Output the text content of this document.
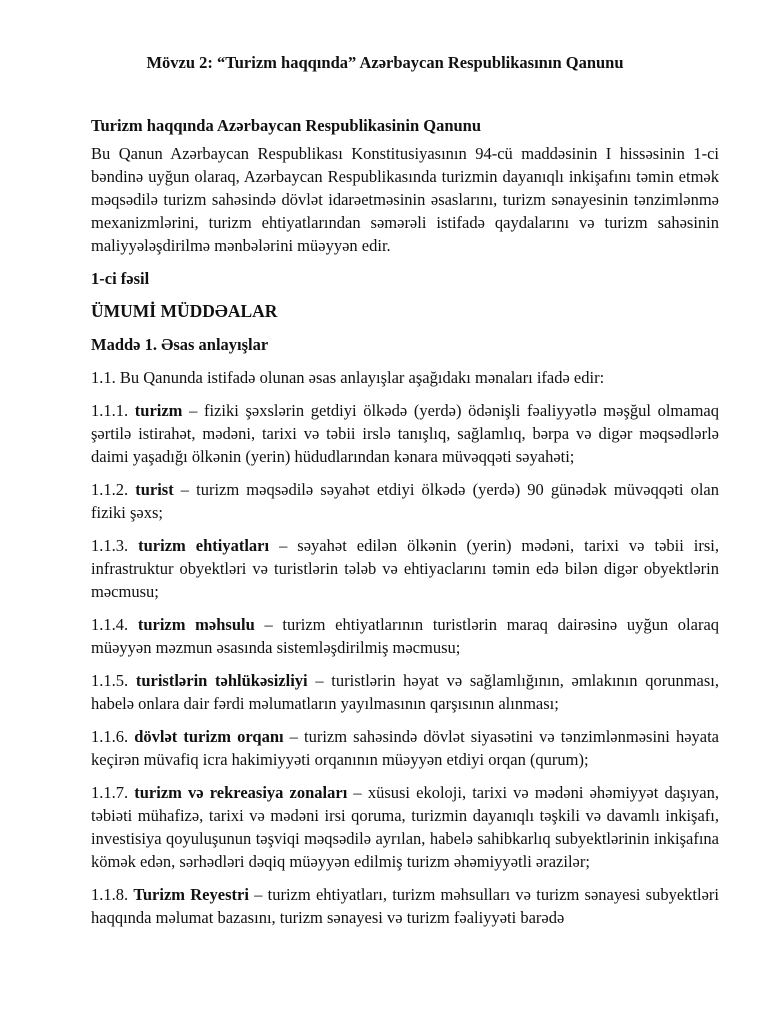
Mövzu 2: “Turizm haqqında” Azərbaycan Respublikasının Qanunu
Turizm haqqında Azərbaycan Respublikasinin Qanunu

Bu Qanun Azərbaycan Respublikası Konstitusiyasının 94-cü maddəsinin I hissəsinin 1-ci bəndinə uyğun olaraq, Azərbaycan Respublikasında turizmin dayanıqlı inkişafını təmin etmək məqsədilə turizm sahəsində dövlət idarəetməsinin əsaslarını, turizm sənayesinin tənzimlənmə mexanizmlərini, turizm ehtiyatlarından səmərəli istifadə qaydalarını və turizm sahəsinin maliyyələşdirilmə mənbələrini müəyyən edir.

1-ci fəsil
ÜMUMİ MÜDDƏALAR
Maddə 1. Əsas anlayışlar

1.1. Bu Qanunda istifadə olunan əsas anlayışlar aşağıdakı mənaları ifadə edir:

1.1.1. turizm – fiziki şəxslərin getdiyi ölkədə (yerdə) ödənişli fəaliyyətlə məşğul olmamaq şərtilə istirahət, mədəni, tarixi və təbii irslə tanışlıq, sağlamlıq, bərpa və digər məqsədlərlə daimi yaşadığı ölkənin (yerin) hüdudlarından kənara müvəqqəti səyahəti;

1.1.2. turist – turizm məqsədilə səyahət etdiyi ölkədə (yerdə) 90 günədək müvəqqəti olan fiziki şəxs;

1.1.3. turizm ehtiyatları – səyahət edilən ölkənin (yerin) mədəni, tarixi və təbii irsi, infrastruktur obyektləri və turistlərin tələb və ehtiyaclarını təmin edə bilən digər obyektlərin məcmusu;

1.1.4. turizm məhsulu – turizm ehtiyatlarının turistlərin maraq dairəsinə uyğun olaraq müəyyən məzmun əsasında sistemləşdirilmiş məcmusu;

1.1.5. turistlərin təhlükəsizliyi – turistlərin həyat və sağlamlığının, əmlakının qorunması, habelə onlara dair fərdi məlumatların yayılmasının qarşısının alınması;

1.1.6. dövlət turizm orqanı – turizm sahəsində dövlət siyasətini və tənzimlənməsini həyata keçirən müvafiq icra hakimiyyəti orqanının müəyyən etdiyi orqan (qurum);

1.1.7. turizm və rekreasiya zonaları – xüsusi ekoloji, tarixi və mədəni əhəmiyyət daşıyan, təbiəti mühafizə, tarixi və mədəni irsi qoruma, turizmin dayanıqlı təşkili və davamlı inkişafı, investisiya qoyuluşunun təşviqi məqsədilə ayrılan, habelə sahibkarlıq subyektlərinin inkişafına kömək edən, sərhədləri dəqiq müəyyən edilmiş turizm əhəmiyyətli ərazilər;

1.1.8. Turizm Reyestri – turizm ehtiyatları, turizm məhsulları və turizm sənayesi subyektləri haqqında məlumat bazasını, turizm sənayesi və turizm fəaliyyəti barədə
